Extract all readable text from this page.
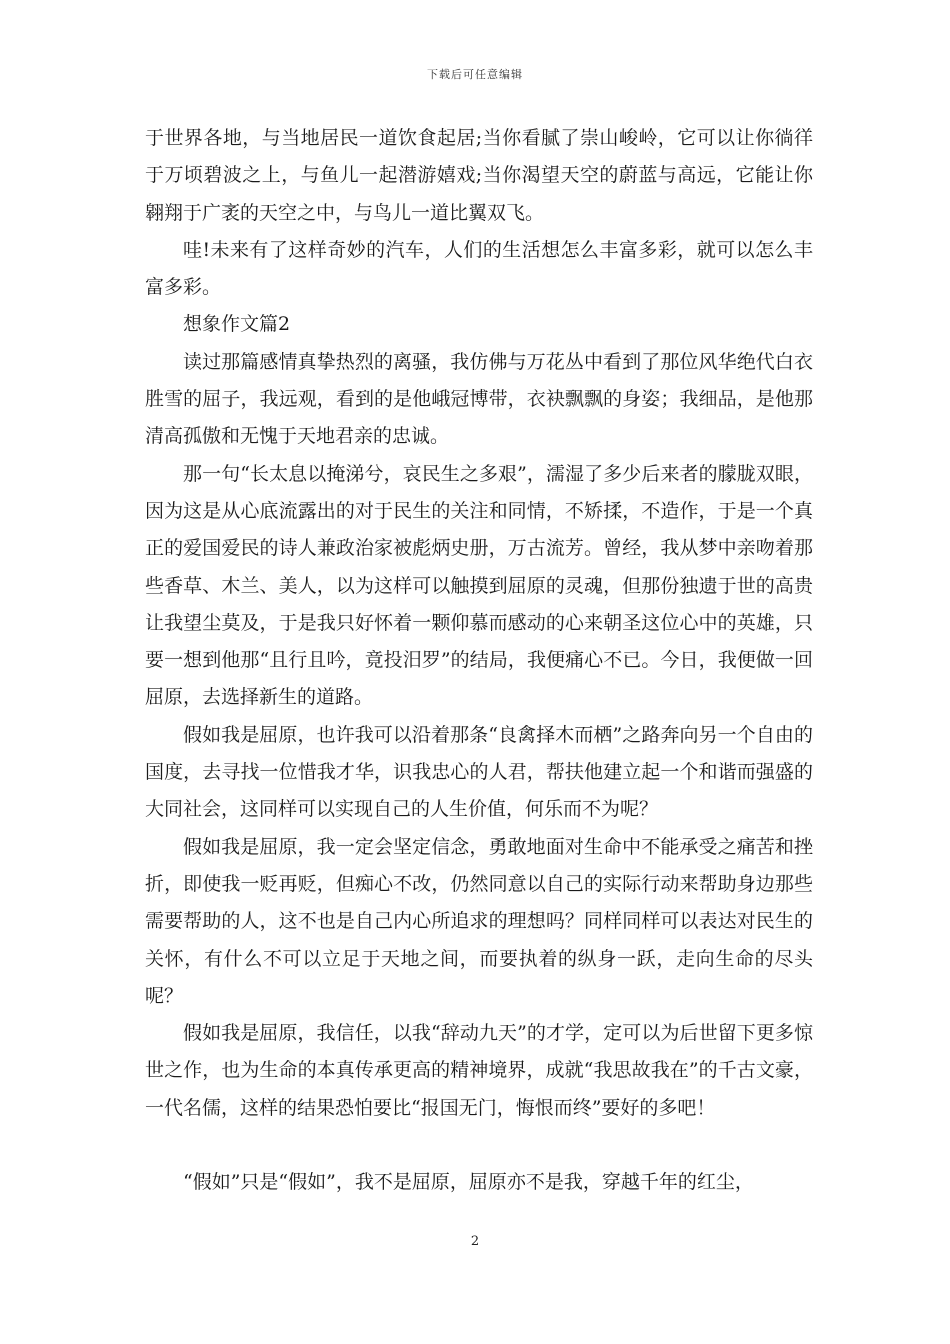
下载后可任意编辑

于世界各地，与当地居民一道饮食起居;当你看腻了崇山峻岭，它可以让你徜徉于万顷碧波之上，与鱼儿一起潜游嬉戏;当你渴望天空的蔚蓝与高远，它能让你翱翔于广袤的天空之中，与鸟儿一道比翼双飞。

哇!未来有了这样奇妙的汽车，人们的生活想怎么丰富多彩，就可以怎么丰富多彩。

想象作文篇2

读过那篇感情真挚热烈的离骚，我仿佛与万花丛中看到了那位风华绝代白衣胜雪的屈子，我远观，看到的是他峨冠博带，衣袂飘飘的身姿；我细品，是他那清高孤傲和无愧于天地君亲的忠诚。

那一句“长太息以掩涕兮，哀民生之多艰”，濡湿了多少后来者的朦胧双眼，因为这是从心底流露出的对于民生的关注和同情，不矫揉，不造作，于是一个真正的爱国爱民的诗人兼政治家被彪炳史册，万古流芳。曾经，我从梦中亲吻着那些香草、木兰、美人，以为这样可以触摸到屈原的灵魂，但那份独遗于世的高贵让我望尘莫及，于是我只好怀着一颗仰慕而感动的心来朝圣这位心中的英雄，只要一想到他那“且行且吟，竟投汨罗”的结局，我便痛心不已。今日，我便做一回屈原，去选择新生的道路。

假如我是屈原，也许我可以沿着那条“良禽择木而栖”之路奔向另一个自由的国度，去寻找一位惜我才华，识我忠心的人君，帮扶他建立起一个和谐而强盛的大同社会，这同样可以实现自己的人生价值，何乐而不为呢？

假如我是屈原，我一定会坚定信念，勇敢地面对生命中不能承受之痛苦和挫折，即使我一贬再贬，但痴心不改，仍然同意以自己的实际行动来帮助身边那些需要帮助的人，这不也是自己内心所追求的理想吗？同样同样可以表达对民生的关怀，有什么不可以立足于天地之间，而要执着的纵身一跃，走向生命的尽头呢？

假如我是屈原，我信任，以我“辞动九天”的才学，定可以为后世留下更多惊世之作，也为生命的本真传承更高的精神境界，成就“我思故我在”的千古文豪，一代名儒，这样的结果恐怕要比“报国无门，悔恨而终”要好的多吧！

“假如”只是“假如”，我不是屈原，屈原亦不是我，穿越千年的红尘，

2
